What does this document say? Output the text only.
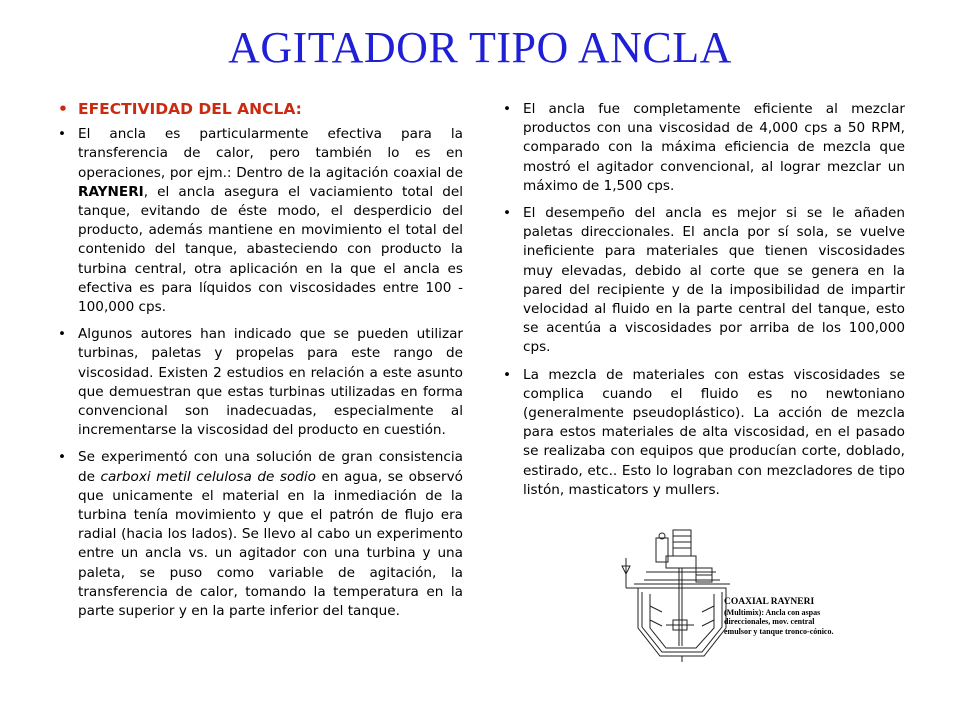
AGITADOR TIPO ANCLA
• EFECTIVIDAD DEL ANCLA:
• El ancla es particularmente efectiva para la transferencia de calor, pero también lo es en operaciones, por ejm.: Dentro de la agitación coaxial de RAYNERI, el ancla asegura el vaciamiento total del tanque, evitando de éste modo, el desperdicio del producto, además mantiene en movimiento el total del contenido del tanque, abasteciendo con producto la turbina central, otra aplicación en la que el ancla es efectiva es para líquidos con viscosidades entre 100 - 100,000 cps.
• Algunos autores han indicado que se pueden utilizar turbinas, paletas y propelas para este rango de viscosidad. Existen 2 estudios en relación a este asunto que demuestran que estas turbinas utilizadas en forma convencional son inadecuadas, especialmente al incrementarse la viscosidad del producto en cuestión.
• Se experimentó con una solución de gran consistencia de carboxi metil celulosa de sodio en agua, se observó que unicamente el material en la inmediación de la turbina tenía movimiento y que el patrón de flujo era radial (hacia los lados). Se llevo al cabo un experimento entre un ancla vs. un agitador con una turbina y una paleta, se puso como variable de agitación, la transferencia de calor, tomando la temperatura en la parte superior y en la parte inferior del tanque.
• El ancla fue completamente eficiente al mezclar productos con una viscosidad de 4,000 cps a 50 RPM, comparado con la máxima eficiencia de mezcla que mostró el agitador convencional, al lograr mezclar un máximo de 1,500 cps.
• El desempeño del ancla es mejor si se le añaden paletas direccionales. El ancla por sí sola, se vuelve ineficiente para materiales que tienen viscosidades muy elevadas, debido al corte que se genera en la pared del recipiente y de la imposibilidad de impartir velocidad al fluido en la parte central del tanque, esto se acentúa a viscosidades por arriba de los 100,000 cps.
• La mezcla de materiales con estas viscosidades se complica cuando el fluido es no newtoniano (generalmente pseudoplástico). La acción de mezcla para estos materiales de alta viscosidad, en el pasado se realizaba con equipos que producían corte, doblado, estirado, etc.. Esto lo lograban con mezcladores de tipo listón, masticators y mullers.
COAXIAL RAYNERI
(Multimix): Ancla con aspas direccionales, mov. central emulsor y tanque tronco-cónico.
